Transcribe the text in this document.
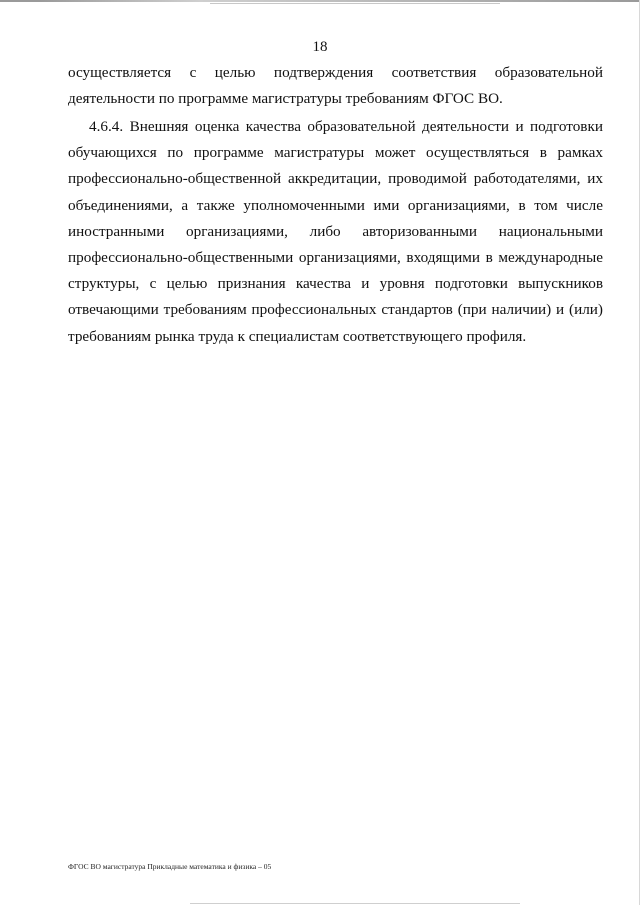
18
осуществляется с целью подтверждения соответствия образовательной
деятельности по программе магистратуры требованиям ФГОС ВО.
4.6.4. Внешняя оценка качества образовательной деятельности и подготовки
обучающихся по программе магистратуры может осуществляться в рамках
профессионально-общественной аккредитации, проводимой работодателями, их
объединениями, а также уполномоченными ими организациями, в том числе
иностранными организациями, либо авторизованными национальными
профессионально-общественными организациями, входящими в международные
структуры, с целью признания качества и уровня подготовки выпускников
отвечающими требованиям профессиональных стандартов (при наличии) и (или)
требованиям рынка труда к специалистам соответствующего профиля.
ФГОС ВО магистратура Прикладные математика и физика – 05
